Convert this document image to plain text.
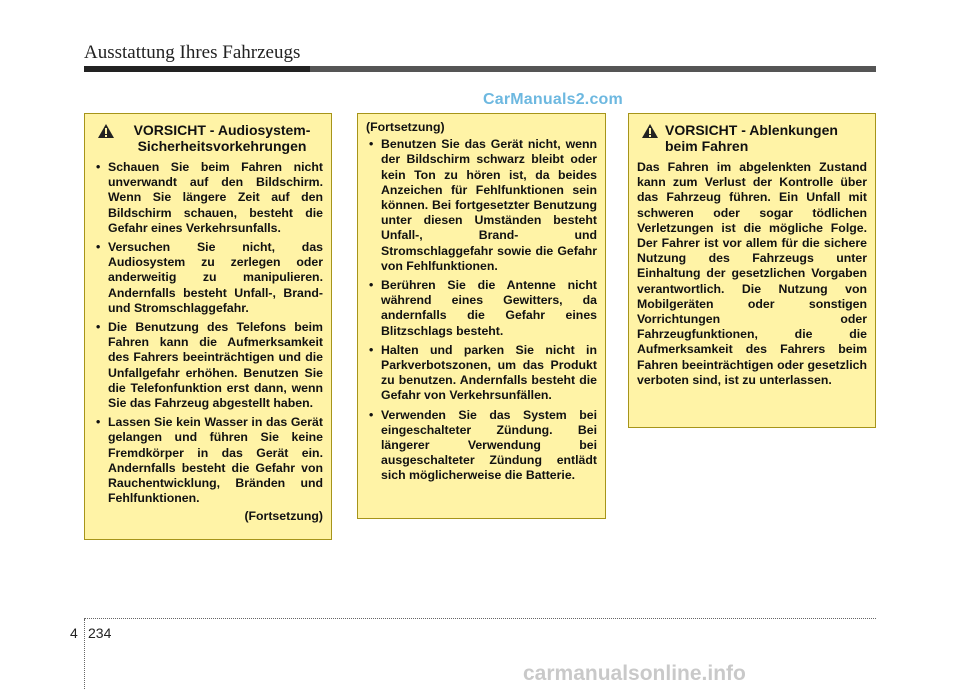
Ausstattung Ihres Fahrzeugs
CarManuals2.com
VORSICHT - Audiosystem-Sicherheitsvorkehrungen
• Schauen Sie beim Fahren nicht unverwandt auf den Bildschirm. Wenn Sie längere Zeit auf den Bildschirm schauen, besteht die Gefahr eines Verkehrsunfalls.
• Versuchen Sie nicht, das Audiosystem zu zerlegen oder anderweitig zu manipulieren. Andernfalls besteht Unfall-, Brand- und Stromschlaggefahr.
• Die Benutzung des Telefons beim Fahren kann die Aufmerksamkeit des Fahrers beeinträchtigen und die Unfallgefahr erhöhen. Benutzen Sie die Telefonfunktion erst dann, wenn Sie das Fahrzeug abgestellt haben.
• Lassen Sie kein Wasser in das Gerät gelangen und führen Sie keine Fremdkörper in das Gerät ein. Andernfalls besteht die Gefahr von Rauchentwicklung, Bränden und Fehlfunktionen.
(Fortsetzung)
(Fortsetzung)
• Benutzen Sie das Gerät nicht, wenn der Bildschirm schwarz bleibt oder kein Ton zu hören ist, da beides Anzeichen für Fehlfunktionen sein können. Bei fortgesetzter Benutzung unter diesen Umständen besteht Unfall-, Brand- und Stromschlaggefahr sowie die Gefahr von Fehlfunktionen.
• Berühren Sie die Antenne nicht während eines Gewitters, da andernfalls die Gefahr eines Blitzschlags besteht.
• Halten und parken Sie nicht in Parkverbotszonen, um das Produkt zu benutzen. Andernfalls besteht die Gefahr von Verkehrsunfällen.
• Verwenden Sie das System bei eingeschalteter Zündung. Bei längerer Verwendung bei ausgeschalteter Zündung entlädt sich möglicherweise die Batterie.
VORSICHT - Ablenkungen beim Fahren
Das Fahren im abgelenkten Zustand kann zum Verlust der Kontrolle über das Fahrzeug führen. Ein Unfall mit schweren oder sogar tödlichen Verletzungen ist die mögliche Folge. Der Fahrer ist vor allem für die sichere Nutzung des Fahrzeugs unter Einhaltung der gesetzlichen Vorgaben verantwortlich. Die Nutzung von Mobilgeräten oder sonstigen Vorrichtungen oder Fahrzeugfunktionen, die die Aufmerksamkeit des Fahrers beim Fahren beeinträchtigen oder gesetzlich verboten sind, ist zu unterlassen.
4 234
carmanualsonline.info
